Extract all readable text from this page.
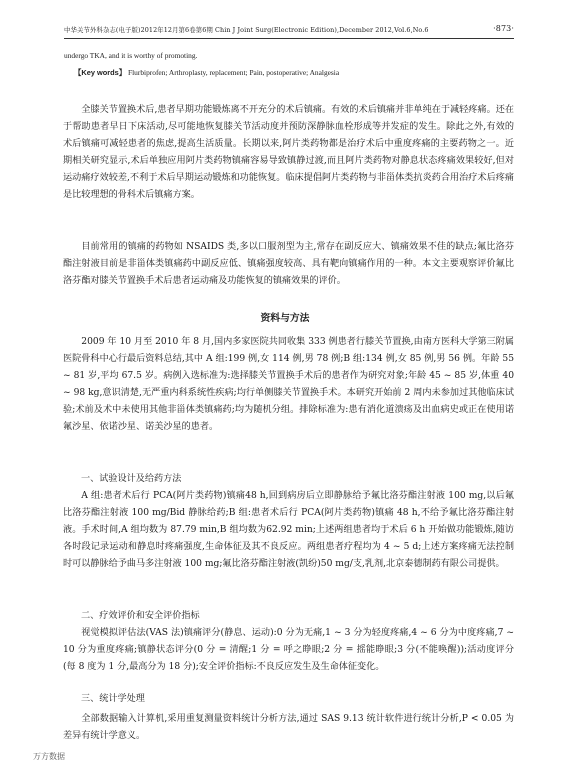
中华关节外科杂志(电子版)2012年12月第6卷第6期 Chin J Joint Surg(Electronic Edition),December 2012,Vol.6,No.6	·873·
undergo TKA, and it is worthy of promoting.
【Key words】 Flurbiprofen; Arthroplasty, replacement; Pain, postoperative; Analgesia

全膝关节置换术后,患者早期功能锻炼离不开充分的术后镇痛。有效的术后镇痛并非单纯在于减轻疼痛。还在于帮助患者早日下床活动,尽可能地恢复膝关节活动度并预防深静脉血栓形成等并发症的发生。除此之外,有效的术后镇痛可减轻患者的焦虑,提高生活质量。长期以来,阿片类药物都是治疗术后中重度疼痛的主要药物之一。近期相关研究显示,术后单独应用阿片类药物镇痛容易导致镇静过渡,而且阿片类药物对静息状态疼痛效果较好,但对运动痛疗效较差,不利于术后早期运动锻炼和功能恢复。临床提倡阿片类药物与非甾体类抗炎药合用治疗术后疼痛是比较理想的骨科术后镇痛方案。

目前常用的镇痛的药物如 NSAIDS 类,多以口服剂型为主,常存在副反应大、镇痛效果不佳的缺点;氟比洛芬酯注射液目前是非甾体类镇痛药中副反应低、镇痛强度较高、具有靶向镇痛作用的一种。本文主要观察评价氟比洛芬酯对膝关节置换手术后患者运动痛及功能恢复的镇痛效果的评价。

资料与方法

2009 年 10 月至 2010 年 8 月,国内多家医院共同收集 333 例患者行膝关节置换,由南方医科大学第三附属医院骨科中心行最后资料总结,其中 A 组:199 例,女 114 例,男 78 例;B 组:134 例,女 85 例,男 56 例。年龄 55 ~ 81 岁,平均 67.5 岁。病例入选标准为:选择膝关节置换手术后的患者作为研究对象;年龄 45 ~ 85 岁,体重 40 ~ 98 kg,意识清楚,无严重内科系统性疾病;均行单侧膝关节置换手术。本研究开始前 2 周内未参加过其他临床试验;术前及术中未使用其他非甾体类镇痛药;均为随机分组。排除标准为:患有消化道溃疡及出血病史或正在使用诺氟沙星、依诺沙星、诺美沙星的患者。

一、试验设计及给药方法

A 组:患者术后行 PCA(阿片类药物)镇痛48 h,回到病房后立即静脉给予氟比洛芬酯注射液 100 mg,以后氟比洛芬酯注射液 100 mg/Bid 静脉给药;B 组:患者术后行 PCA(阿片类药物)镇痛 48 h,不给予氟比洛芬酯注射液。手术时间,A 组均数为 87.79 min,B 组均数为62.92 min;上述两组患者均于术后 6 h 开始做功能锻炼,随访各时段记录运动和静息时疼痛强度,生命体征及其不良反应。两组患者疗程均为 4 ~ 5 d;上述方案疼痛无法控制时可以静脉给予曲马多注射液 100 mg;氟比洛芬酯注射液(凯纷)50 mg/支,乳剂,北京泰德制药有限公司提供。

二、疗效评价和安全评价指标

视觉模拟评估法(VAS 法)镇痛评分(静息、运动):0 分为无痛,1 ~ 3 分为轻度疼痛,4 ~ 6 分为中度疼痛,7 ~ 10 分为重度疼痛;镇静状态评分(0 分 = 清醒;1 分 = 呼之睁眼;2 分 = 摇能睁眼;3 分(不能唤醒));活动度评分(每 8 度为 1 分,最高分为 18 分);安全评价指标:不良反应发生及生命体征变化。

三、统计学处理

全部数据输入计算机,采用重复测量资料统计分析方法,通过 SAS 9.13 统计软件进行统计分析,P < 0.05 为差异有统计学意义。

万方数据
